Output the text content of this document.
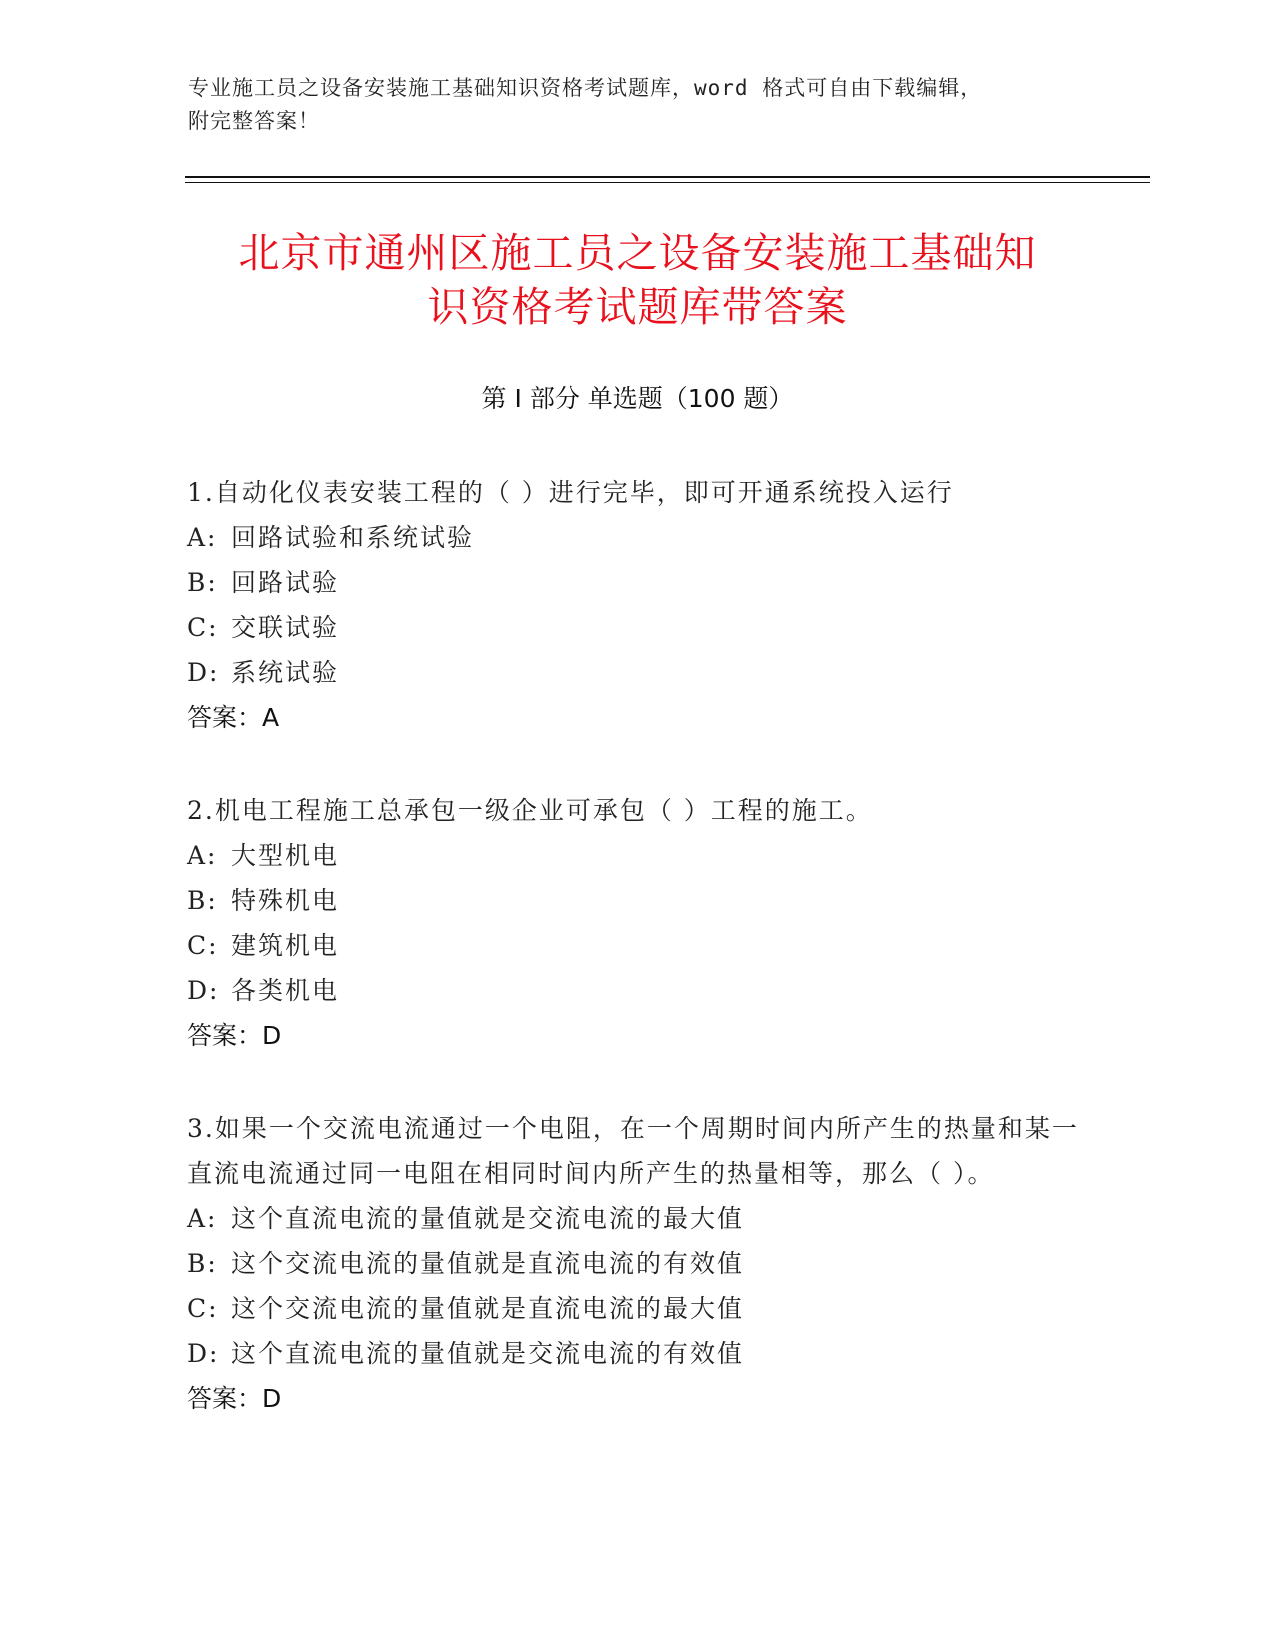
专业施工员之设备安装施工基础知识资格考试题库，word 格式可自由下载编辑，
附完整答案！
北京市通州区施工员之设备安装施工基础知
识资格考试题库带答案
第 I 部分 单选题（100 题）
1.自动化仪表安装工程的（ ）进行完毕，即可开通系统投入运行
A: 回路试验和系统试验
B: 回路试验
C: 交联试验
D: 系统试验
答案：A
2.机电工程施工总承包一级企业可承包（ ）工程的施工。
A: 大型机电
B: 特殊机电
C: 建筑机电
D: 各类机电
答案：D
3.如果一个交流电流通过一个电阻，在一个周期时间内所产生的热量和某一直流电流通过同一电阻在相同时间内所产生的热量相等，那么（ ）。
A: 这个直流电流的量值就是交流电流的最大值
B: 这个交流电流的量值就是直流电流的有效值
C: 这个交流电流的量值就是直流电流的最大值
D: 这个直流电流的量值就是交流电流的有效值
答案：D
